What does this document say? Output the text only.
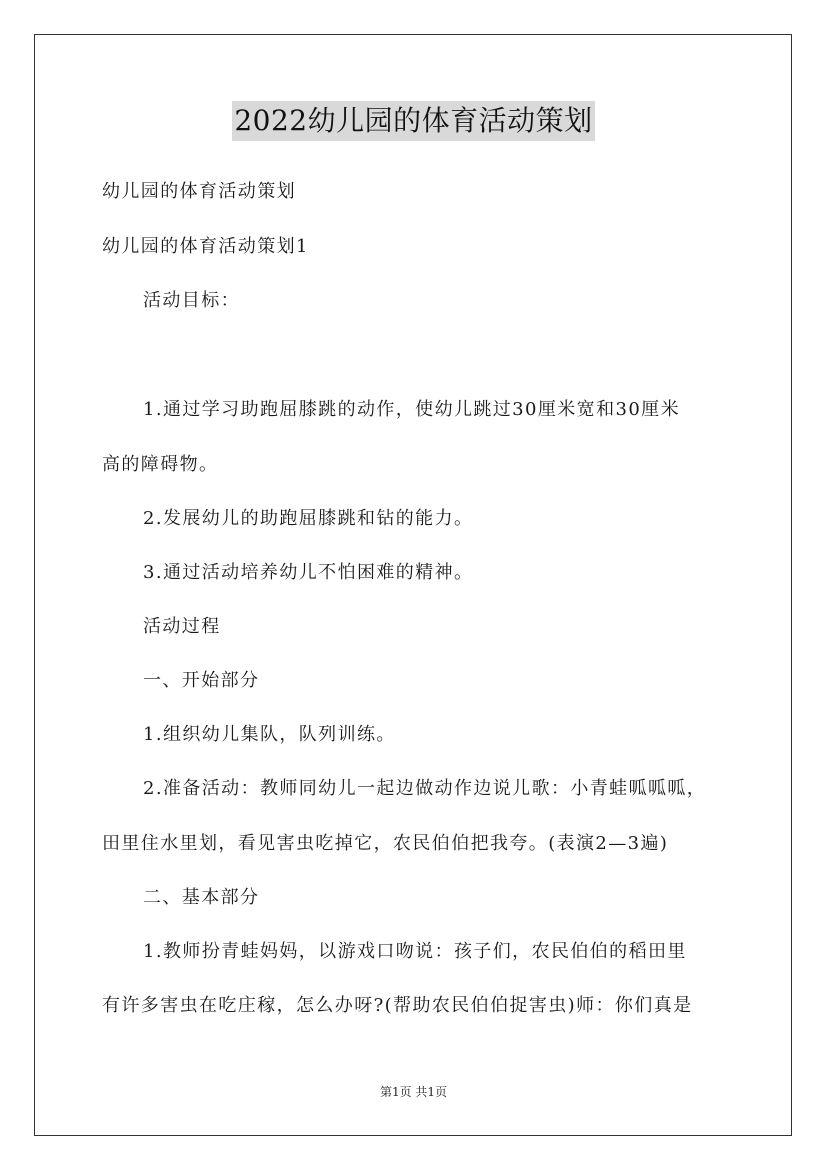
2022幼儿园的体育活动策划
幼儿园的体育活动策划
幼儿园的体育活动策划1
活动目标：
1.通过学习助跑屈膝跳的动作，使幼儿跳过30厘米宽和30厘米
高的障碍物。
2.发展幼儿的助跑屈膝跳和钻的能力。
3.通过活动培养幼儿不怕困难的精神。
活动过程
一、开始部分
1.组织幼儿集队，队列训练。
2.准备活动：教师同幼儿一起边做动作边说儿歌：小青蛙呱呱呱，
田里住水里划，看见害虫吃掉它，农民伯伯把我夸。(表演2—3遍)
二、基本部分
1.教师扮青蛙妈妈，以游戏口吻说：孩子们，农民伯伯的稻田里
有许多害虫在吃庄稼，怎么办呀?(帮助农民伯伯捉害虫)师：你们真是
第1页 共1页
